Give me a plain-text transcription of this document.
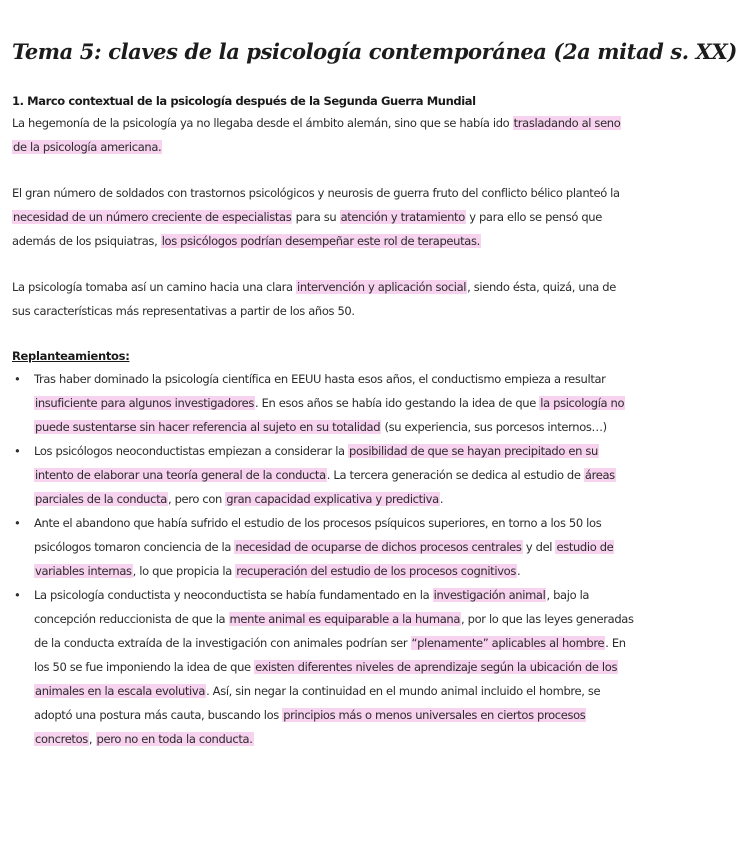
Tema 5: claves de la psicología contemporánea (2a mitad s. XX)
1. Marco contextual de la psicología después de la Segunda Guerra Mundial

La hegemonía de la psicología ya no llegaba desde el ámbito alemán, sino que se había ido trasladando al seno de la psicología americana.

El gran número de soldados con trastornos psicológicos y neurosis de guerra fruto del conflicto bélico planteó la necesidad de un número creciente de especialistas para su atención y tratamiento y para ello se pensó que además de los psiquiatras, los psicólogos podrían desempeñar este rol de terapeutas.

La psicología tomaba así un camino hacia una clara intervención y aplicación social, siendo ésta, quizá, una de sus características más representativas a partir de los años 50.

Replanteamientos:
• Tras haber dominado la psicología científica en EEUU hasta esos años, el conductismo empieza a resultar insuficiente para algunos investigadores. En esos años se había ido gestando la idea de que la psicología no puede sustentarse sin hacer referencia al sujeto en su totalidad (su experiencia, sus porcesos internos…)
• Los psicólogos neoconductistas empiezan a considerar la posibilidad de que se hayan precipitado en su intento de elaborar una teoría general de la conducta. La tercera generación se dedica al estudio de áreas parciales de la conducta, pero con gran capacidad explicativa y predictiva.
• Ante el abandono que había sufrido el estudio de los procesos psíquicos superiores, en torno a los 50 los psicólogos tomaron conciencia de la necesidad de ocuparse de dichos procesos centrales y del estudio de variables internas, lo que propicia la recuperación del estudio de los procesos cognitivos.
• La psicología conductista y neoconductista se había fundamentado en la investigación animal, bajo la concepción reduccionista de que la mente animal es equiparable a la humana, por lo que las leyes generadas de la conducta extraída de la investigación con animales podrían ser “plenamente” aplicables al hombre. En los 50 se fue imponiendo la idea de que existen diferentes niveles de aprendizaje según la ubicación de los animales en la escala evolutiva. Así, sin negar la continuidad en el mundo animal incluido el hombre, se adoptó una postura más cauta, buscando los principios más o menos universales en ciertos procesos concretos, pero no en toda la conducta.
